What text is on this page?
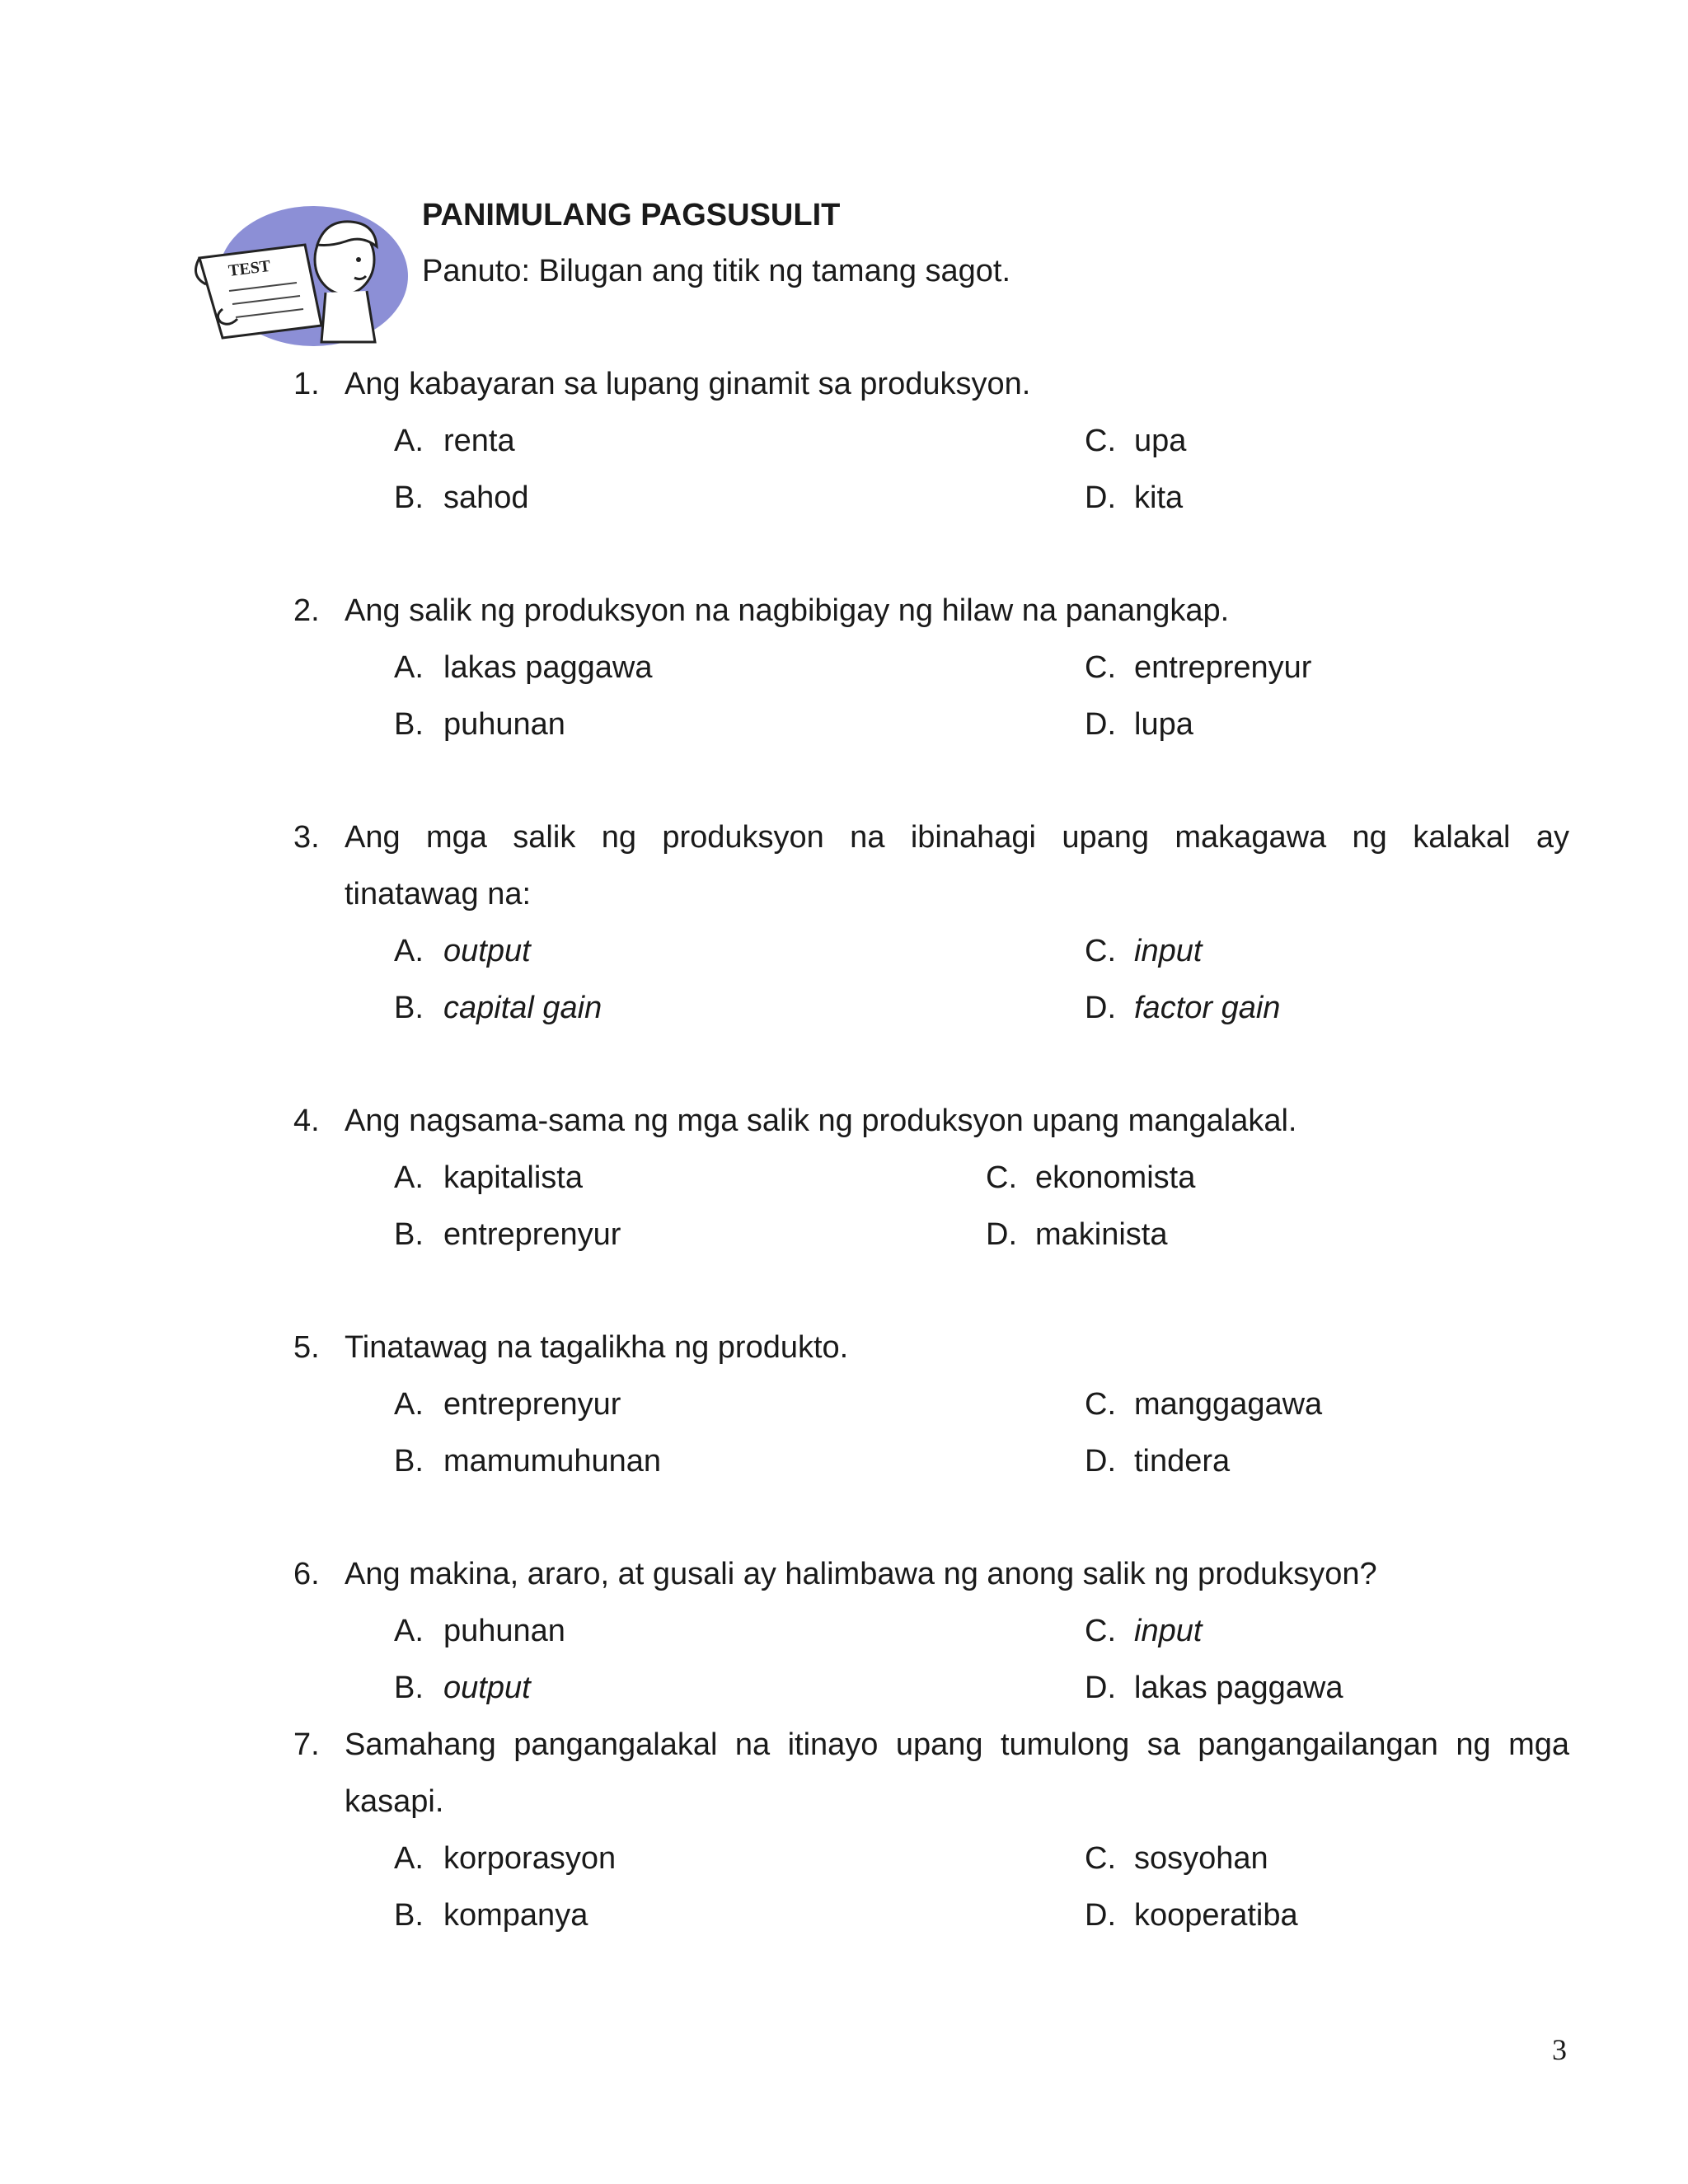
TEST
PANIMULANG PAGSUSULIT
Panuto: Bilugan ang titik ng tamang sagot.
1. Ang kabayaran sa lupang ginamit sa produksyon.
A. renta
B. sahod
C. upa
D. kita
2. Ang salik ng produksyon na nagbibigay ng hilaw na panangkap.
A. lakas paggawa
B. puhunan
C. entreprenyur
D. lupa
3. Ang mga salik ng produksyon na ibinahagi upang makagawa ng kalakal ay
tinatawag na:
A. output
B. capital gain
C. input
D. factor gain
4. Ang nagsama-sama ng mga salik ng produksyon upang mangalakal.
A. kapitalista
B. entreprenyur
C. ekonomista
D. makinista
5. Tinatawag na tagalikha ng produkto.
A. entreprenyur
B. mamumuhunan
C. manggagawa
D. tindera
6. Ang makina, araro, at gusali ay halimbawa ng anong salik ng produksyon?
A. puhunan
B. output
C. input
D. lakas paggawa
7. Samahang pangangalakal na itinayo upang tumulong sa pangangailangan ng mga
kasapi.
A. korporasyon
B. kompanya
C. sosyohan
D. kooperatiba
3
